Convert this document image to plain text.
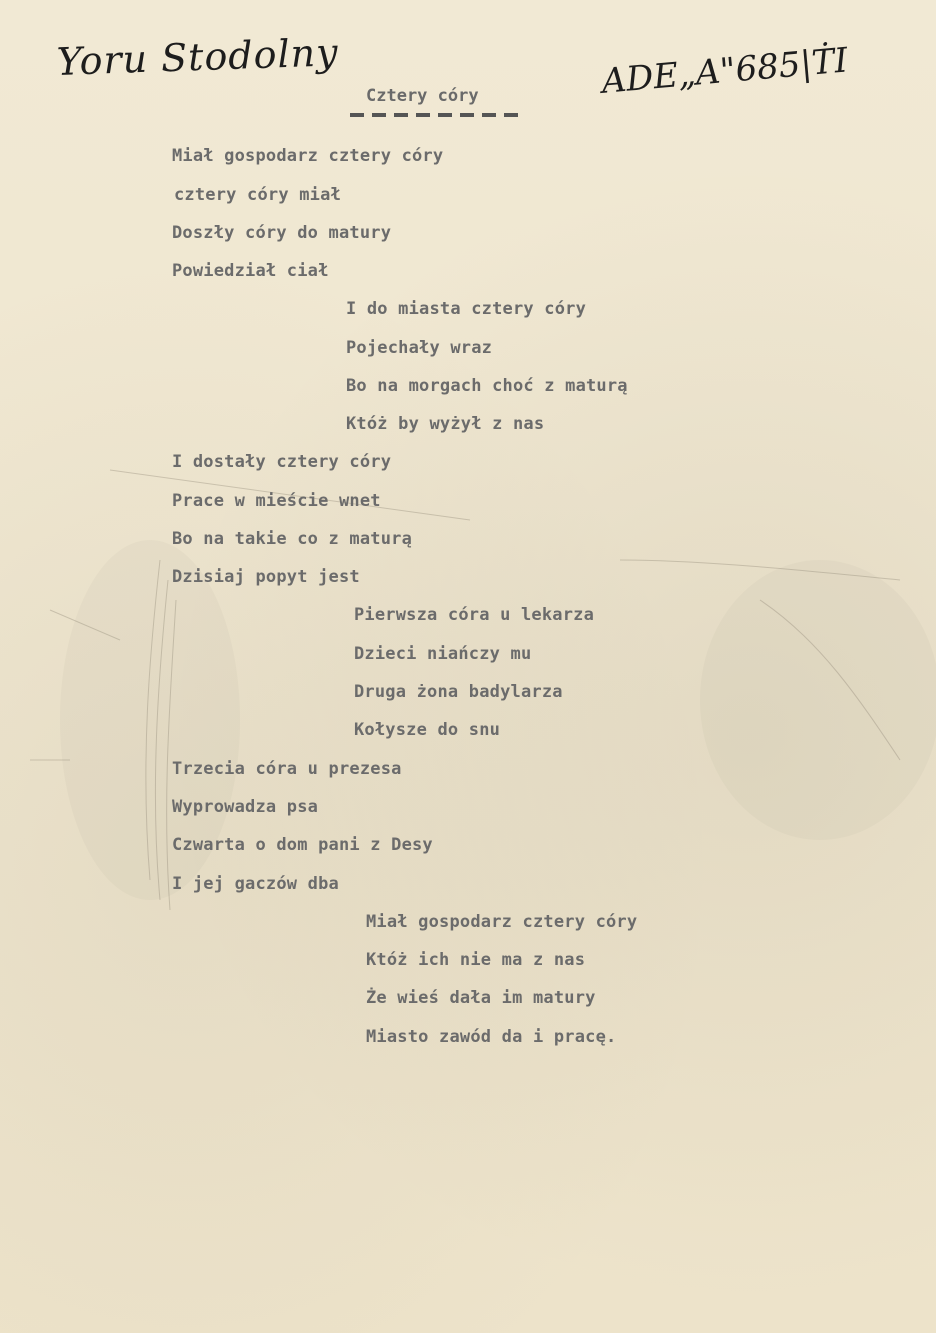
Yoru Stodolny	ADE„A"685|ṪI
Cztery córy
Miał gospodarz cztery córy
cztery córy miał
Doszły córy do matury
Powiedział ciał
I do miasta cztery córy
Pojechały wraz
Bo na morgach choć z maturą
Któż by wyżył z nas
I dostały cztery córy
Prace w mieście wnet
Bo na takie co z maturą
Dzisiaj popyt jest
Pierwsza córa u lekarza
Dzieci niańczy mu
Druga żona badylarza
Kołysze do snu
Trzecia córa u prezesa
Wyprowadza psa
Czwarta o dom pani z Desy
I jej gaczów dba
Miał gospodarz cztery córy
Któż ich nie ma z nas
Że wieś dała im matury
Miasto zawód da i pracę.
